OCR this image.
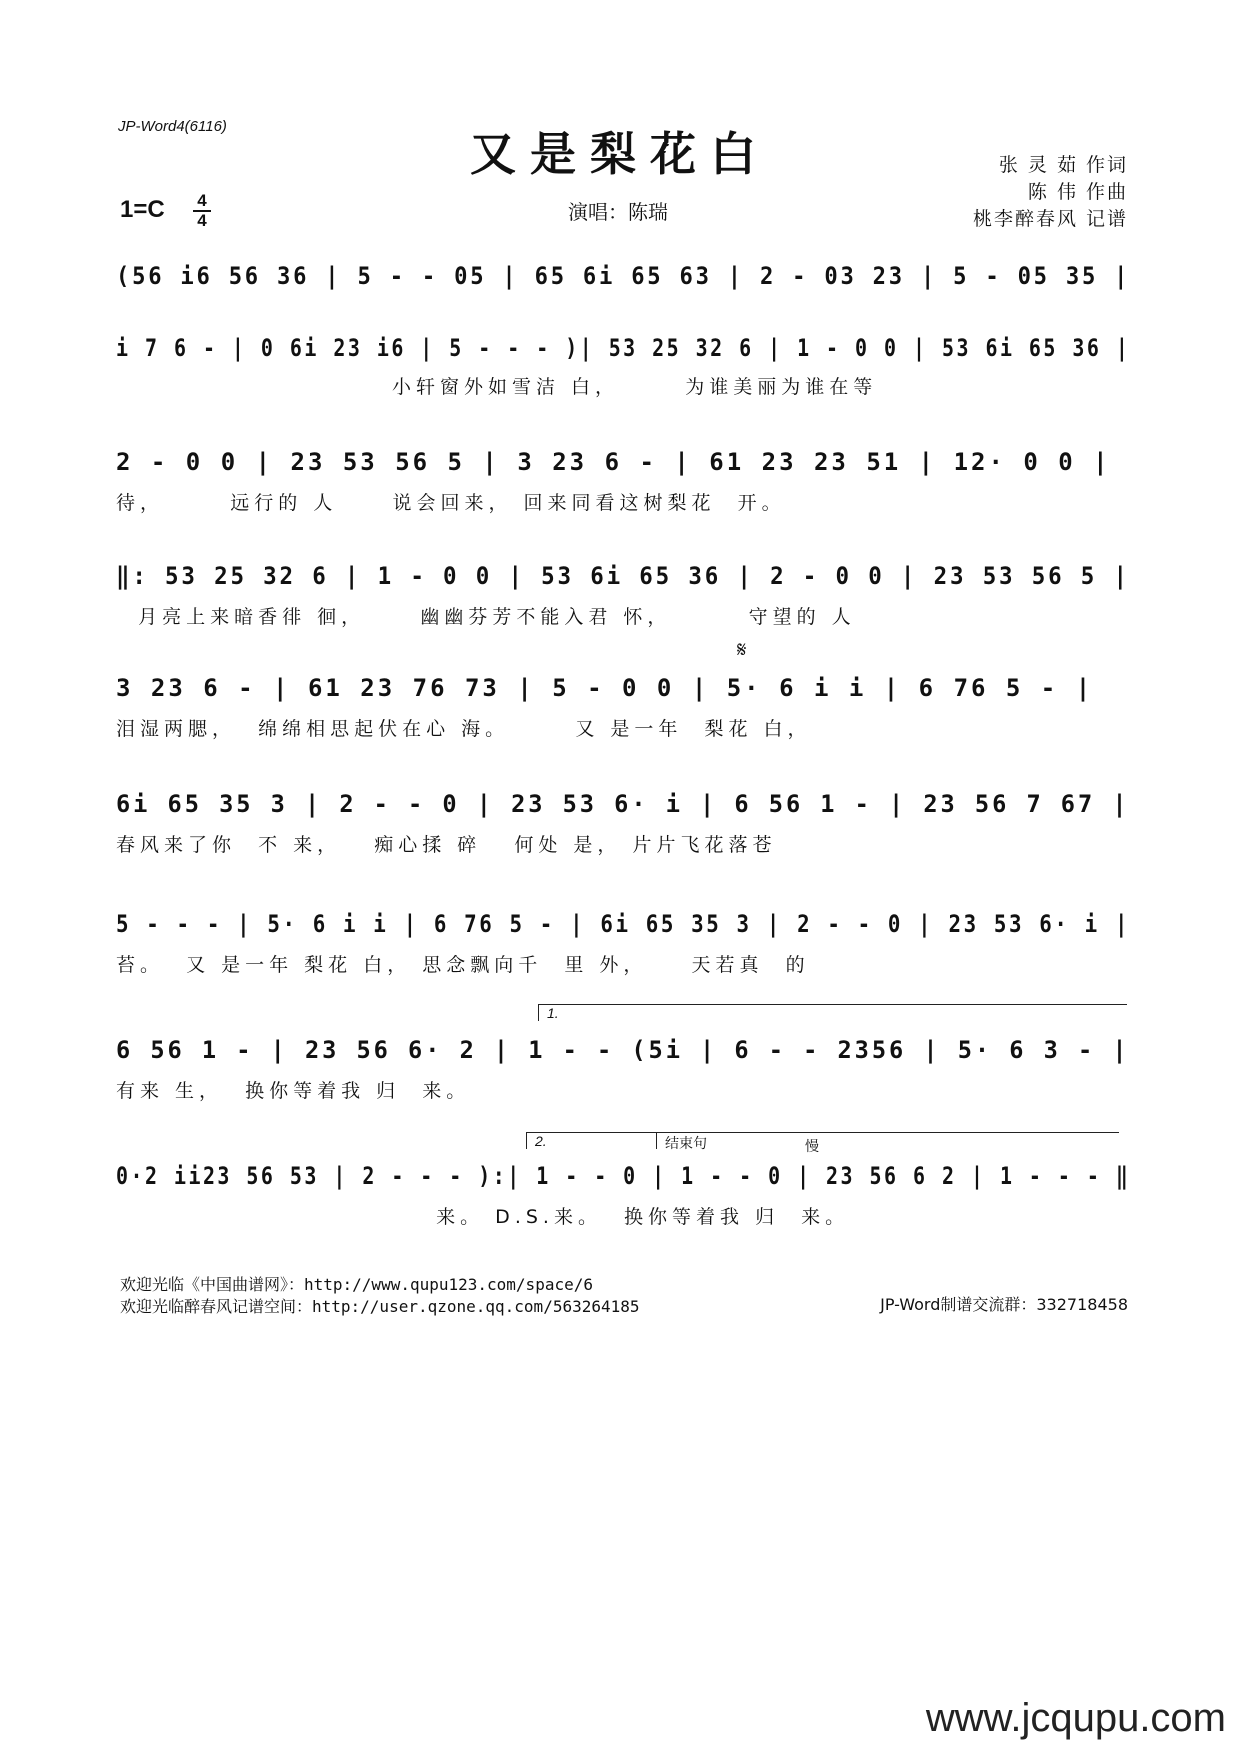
JP-Word4(6116)
又是梨花白
1=C	4
4	演唱：陈瑞
张 灵 茹 作词
陈 伟 作曲
桃李醉春风 记谱
(56 i6 56 36 | 5 - - 05 | 65 6i 65 63 | 2 - 03 23 | 5 - 05 35 |
i 7 6 - | 0 6i 23 i6 | 5 - - - )| 53 25 32 6 | 1 - 0 0 | 53 6i 65 36 |
小轩窗外如雪洁 白，      为谁美丽为谁在等
2 - 0 0 | 23 53 56 5 | 3 23 6 - | 61 23 23 51 | 12· 0 0 |
待，      远行的 人     说会回来， 回来同看这树梨花  开。
‖: 53 25 32 6 | 1 - 0 0 | 53 6i 65 36 | 2 - 0 0 | 23 53 56 5 |
月亮上来暗香徘 徊，     幽幽芬芳不能入君 怀，       守望的 人
𝄋
3 23 6 - | 61 23 76 73 | 5 - 0 0 | 5· 6 i i | 6 76 5 - |
泪湿两腮，  绵绵相思起伏在心 海。      又 是一年  梨花 白，
6i 65 35 3 | 2 - - 0 | 23 53 6· i | 6 56 1 - | 23 56 7 67 |
春风来了你  不 来，   痴心揉 碎   何处 是， 片片飞花落苍
5 - - - | 5· 6 i i | 6 76 5 - | 6i 65 35 3 | 2 - - 0 | 23 53 6· i |
苔。  又 是一年 梨花 白， 思念飘向千  里 外，    天若真  的
1.
6 56 1 - | 23 56 6· 2 | 1 - - (5i | 6 - - 2356 | 5· 6 3 - |
有来 生，  换你等着我 归  来。
2.	结束句	慢
0·2 ii23 56 53 | 2 - - - ):| 1 - - 0 | 1 - - 0 | 23 56 6 2 | 1 - - - ‖
来。 D.S.来。  换你等着我 归  来。
欢迎光临《中国曲谱网》：http://www.qupu123.com/space/6
欢迎光临醉春风记谱空间：http://user.qzone.qq.com/563264185	JP-Word制谱交流群：332718458
www.jcqupu.com
